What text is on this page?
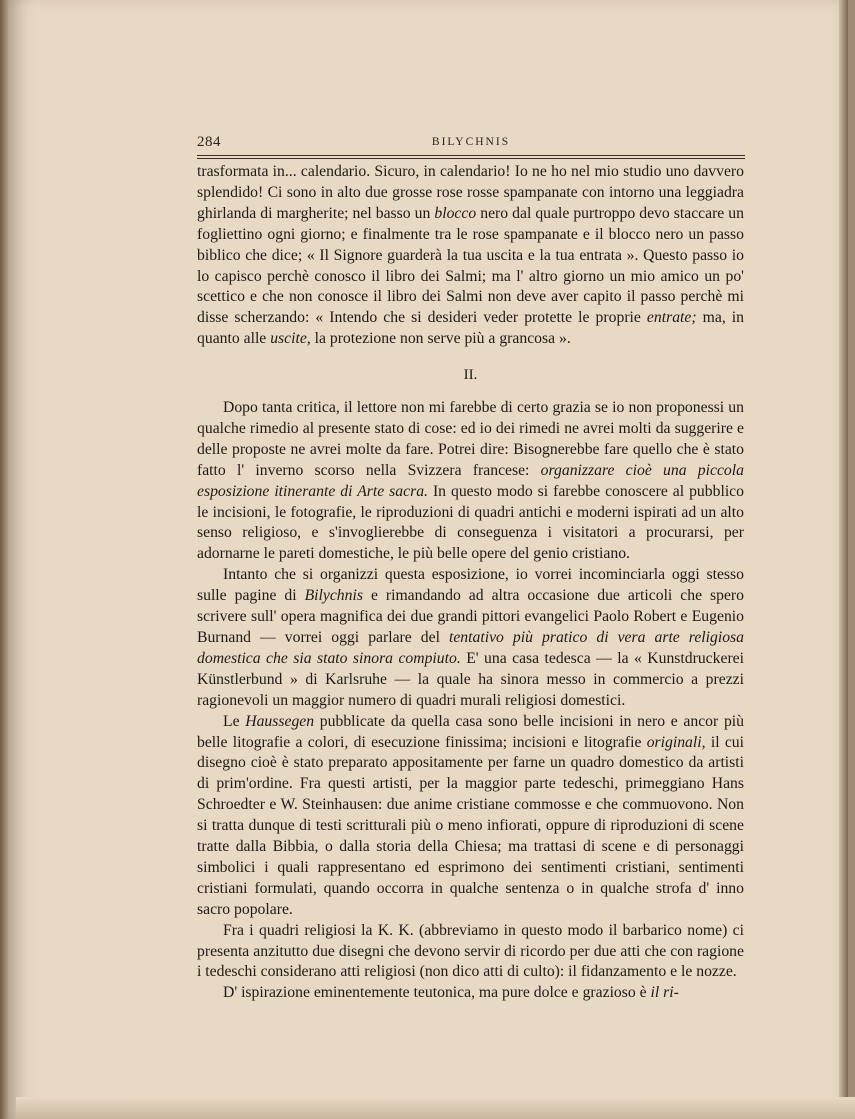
284	BILYCHNIS

trasformata in... calendario. Sicuro, in calendario! Io ne ho nel mio studio uno davvero splendido! Ci sono in alto due grosse rose rosse spampanate con intorno una leggiadra ghirlanda di margherite; nel basso un blocco nero dal quale purtroppo devo staccare un fogliettino ogni giorno; e finalmente tra le rose spampanate e il blocco nero un passo biblico che dice; « Il Signore guarderà la tua uscita e la tua entrata ». Questo passo io lo capisco perchè conosco il libro dei Salmi; ma l' altro giorno un mio amico un po' scettico e che non conosce il libro dei Salmi non deve aver capito il passo perchè mi disse scherzando: « Intendo che si desideri veder protette le proprie entrate; ma, in quanto alle uscite, la protezione non serve più a grancosa ».

II.

Dopo tanta critica, il lettore non mi farebbe di certo grazia se io non proponessi un qualche rimedio al presente stato di cose: ed io dei rimedi ne avrei molti da suggerire e delle proposte ne avrei molte da fare. Potrei dire: Bisognerebbe fare quello che è stato fatto l' inverno scorso nella Svizzera francese: organizzare cioè una piccola esposizione itinerante di Arte sacra. In questo modo si farebbe conoscere al pubblico le incisioni, le fotografie, le riproduzioni di quadri antichi e moderni ispirati ad un alto senso religioso, e s'invoglierebbe di conseguenza i visitatori a procurarsi, per adornarne le pareti domestiche, le più belle opere del genio cristiano.

Intanto che si organizzi questa esposizione, io vorrei incominciarla oggi stesso sulle pagine di Bilychnis e rimandando ad altra occasione due articoli che spero scrivere sull' opera magnifica dei due grandi pittori evangelici Paolo Robert e Eugenio Burnand — vorrei oggi parlare del tentativo più pratico di vera arte religiosa domestica che sia stato sinora compiuto. E' una casa tedesca — la « Kunstdruckerei Künstlerbund » di Karlsruhe — la quale ha sinora messo in commercio a prezzi ragionevoli un maggior numero di quadri murali religiosi domestici.

Le Haussegen pubblicate da quella casa sono belle incisioni in nero e ancor più belle litografie a colori, di esecuzione finissima; incisioni e litografie originali, il cui disegno cioè è stato preparato appositamente per farne un quadro domestico da artisti di prim'ordine. Fra questi artisti, per la maggior parte tedeschi, primeggiano Hans Schroedter e W. Steinhausen: due anime cristiane commosse e che commuovono. Non si tratta dunque di testi scritturali più o meno infiorati, oppure di riproduzioni di scene tratte dalla Bibbia, o dalla storia della Chiesa; ma trattasi di scene e di personaggi simbolici i quali rappresentano ed esprimono dei sentimenti cristiani, sentimenti cristiani formulati, quando occorra in qualche sentenza o in qualche strofa d' inno sacro popolare.

Fra i quadri religiosi la K. K. (abbreviamo in questo modo il barbarico nome) ci presenta anzitutto due disegni che devono servir di ricordo per due atti che con ragione i tedeschi considerano atti religiosi (non dico atti di culto): il fidanzamento e le nozze.

D' ispirazione eminentemente teutonica, ma pure dolce e grazioso è il ri-
